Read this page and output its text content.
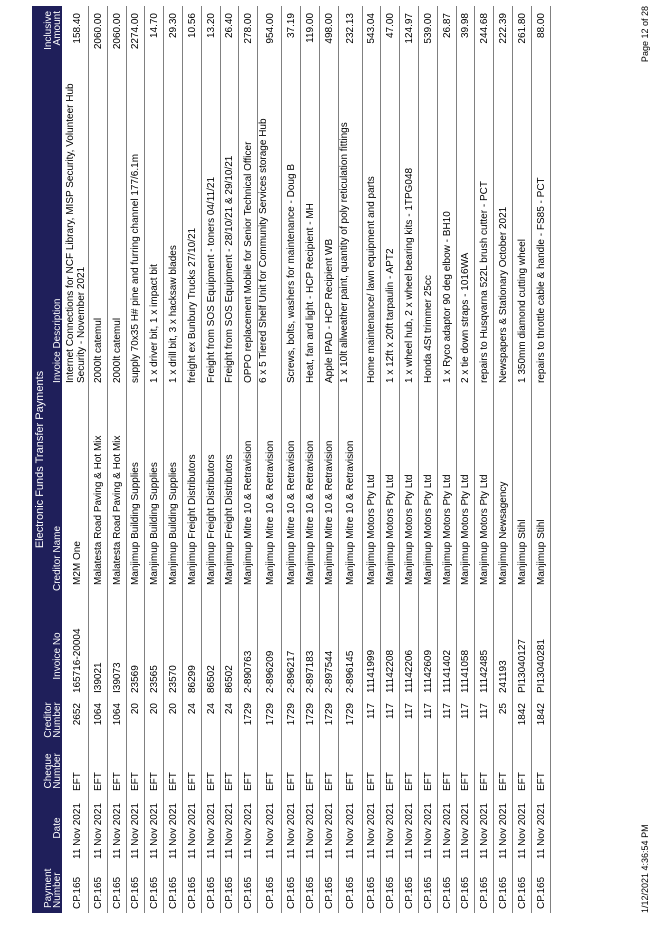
Electronic Funds Transfer Payments
Payment Number
Date
Cheque Number
Creditor Number
Invoice No
Creditor Name
Invoice Description
Inclusive Amount
CP.165
11 Nov 2021
EFT
2652
165716-20004
M2M One
Internet Connections for NCF Library, MISP Security, Volunteer Hub Security - November 2021
158.40
CP.165
11 Nov 2021
EFT
1064
I39021
Malatesta Road Paving & Hot Mix
2000lt catemul
2060.00
CP.165
11 Nov 2021
EFT
1064
I39073
Malatesta Road Paving & Hot Mix
2000lt catemul
2060.00
CP.165
11 Nov 2021
EFT
20
23569
Manjimup Building Supplies
supply 70x35 H# pine and furring channel 177/6.1m
2274.00
CP.165
11 Nov 2021
EFT
20
23565
Manjimup Building Supplies
1 x driver bit, 1 x impact bit
14.70
CP.165
11 Nov 2021
EFT
20
23570
Manjimup Building Supplies
1 x drill bit, 3 x hacksaw blades
29.30
CP.165
11 Nov 2021
EFT
24
86299
Manjimup Freight Distributors
freight ex Bunbury Trucks 27/10/21
10.56
CP.165
11 Nov 2021
EFT
24
86502
Manjimup Freight Distributors
Freight from SOS Equipment - toners 04/11/21
13.20
CP.165
11 Nov 2021
EFT
24
86502
Manjimup Freight Distributors
Freight from SOS Equipment - 28/10/21 & 29/10/21
26.40
CP.165
11 Nov 2021
EFT
1729
2-890763
Manjimup Mitre 10 & Retravision
OPPO replacement Mobile for Senior Technical Officer
278.00
CP.165
11 Nov 2021
EFT
1729
2-896209
Manjimup Mitre 10 & Retravision
6 x 5 Tiered Shelf Unit for Community Services storage Hub
954.00
CP.165
11 Nov 2021
EFT
1729
2-896217
Manjimup Mitre 10 & Retravision
Screws, bolts, washers for maintenance - Doug B
37.19
CP.165
11 Nov 2021
EFT
1729
2-897183
Manjimup Mitre 10 & Retravision
Heat, fan and light - HCP Recipient - MH
119.00
CP.165
11 Nov 2021
EFT
1729
2-897544
Manjimup Mitre 10 & Retravision
Apple IPAD - HCP Recipient WB
498.00
CP.165
11 Nov 2021
EFT
1729
2-896145
Manjimup Mitre 10 & Retravision
1 x 10lt allweather paint, quantity of poly reticulation fittings
232.13
CP.165
11 Nov 2021
EFT
117
11141999
Manjimup Motors Pty Ltd
Home maintenance/ lawn equipment and parts
543.04
CP.165
11 Nov 2021
EFT
117
11142208
Manjimup Motors Pty Ltd
1 x 12ft x 20ft tarpaulin - APT2
47.00
CP.165
11 Nov 2021
EFT
117
11142206
Manjimup Motors Pty Ltd
1 x wheel hub, 2 x wheel bearing kits - 1TPG048
124.97
CP.165
11 Nov 2021
EFT
117
11142609
Manjimup Motors Pty Ltd
Honda 4St trimmer 25cc
539.00
CP.165
11 Nov 2021
EFT
117
11141402
Manjimup Motors Pty Ltd
1 x Ryco adaptor 90 deg elbow - BH10
26.87
CP.165
11 Nov 2021
EFT
117
11141058
Manjimup Motors Pty Ltd
2 x tie down straps - 1016WA
39.98
CP.165
11 Nov 2021
EFT
117
11142485
Manjimup Motors Pty Ltd
repairs to Husqvarna 522L brush cutter - PCT
244.68
CP.165
11 Nov 2021
EFT
25
241193
Manjimup Newsagency
Newspapers & Stationary October 2021
222.39
CP.165
11 Nov 2021
EFT
1842
PI13040127
Manjimup Stihl
1 350mm diamond cutting wheel
261.80
CP.165
11 Nov 2021
EFT
1842
PI13040281
Manjimup Stihl
repairs to throttle cable & handle - FS85 - PCT
88.00
1/12/2021 4:36:54 PM
Page 12 of 28
